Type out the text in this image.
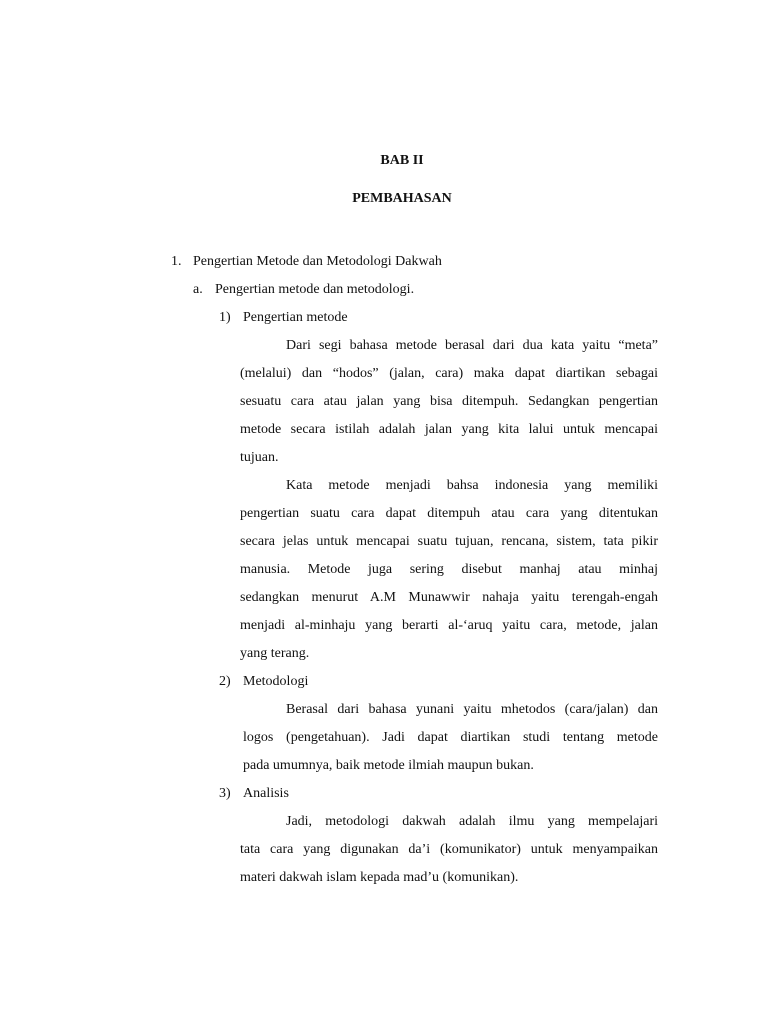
BAB II
PEMBAHASAN
1. Pengertian Metode dan Metodologi Dakwah
a. Pengertian metode dan metodologi.
1) Pengertian metode
Dari segi bahasa metode berasal dari dua kata yaitu “meta”
(melalui) dan “hodos” (jalan, cara) maka dapat diartikan sebagai
sesuatu cara atau jalan yang bisa ditempuh. Sedangkan pengertian
metode secara istilah adalah jalan yang kita lalui untuk mencapai
tujuan.
Kata metode menjadi bahsa indonesia yang memiliki
pengertian suatu cara dapat ditempuh atau cara yang ditentukan
secara jelas untuk mencapai suatu tujuan, rencana, sistem, tata pikir
manusia. Metode juga sering disebut manhaj atau minhaj
sedangkan menurut A.M Munawwir nahaja yaitu terengah-engah
menjadi al-minhaju yang berarti al-‘aruq yaitu cara, metode, jalan
yang terang.
2) Metodologi
Berasal dari bahasa yunani yaitu mhetodos (cara/jalan) dan
logos (pengetahuan). Jadi dapat diartikan studi tentang metode
pada umumnya, baik metode ilmiah maupun bukan.
3) Analisis
Jadi, metodologi dakwah adalah ilmu yang mempelajari
tata cara yang digunakan da’i (komunikator) untuk menyampaikan
materi dakwah islam kepada mad’u (komunikan).
